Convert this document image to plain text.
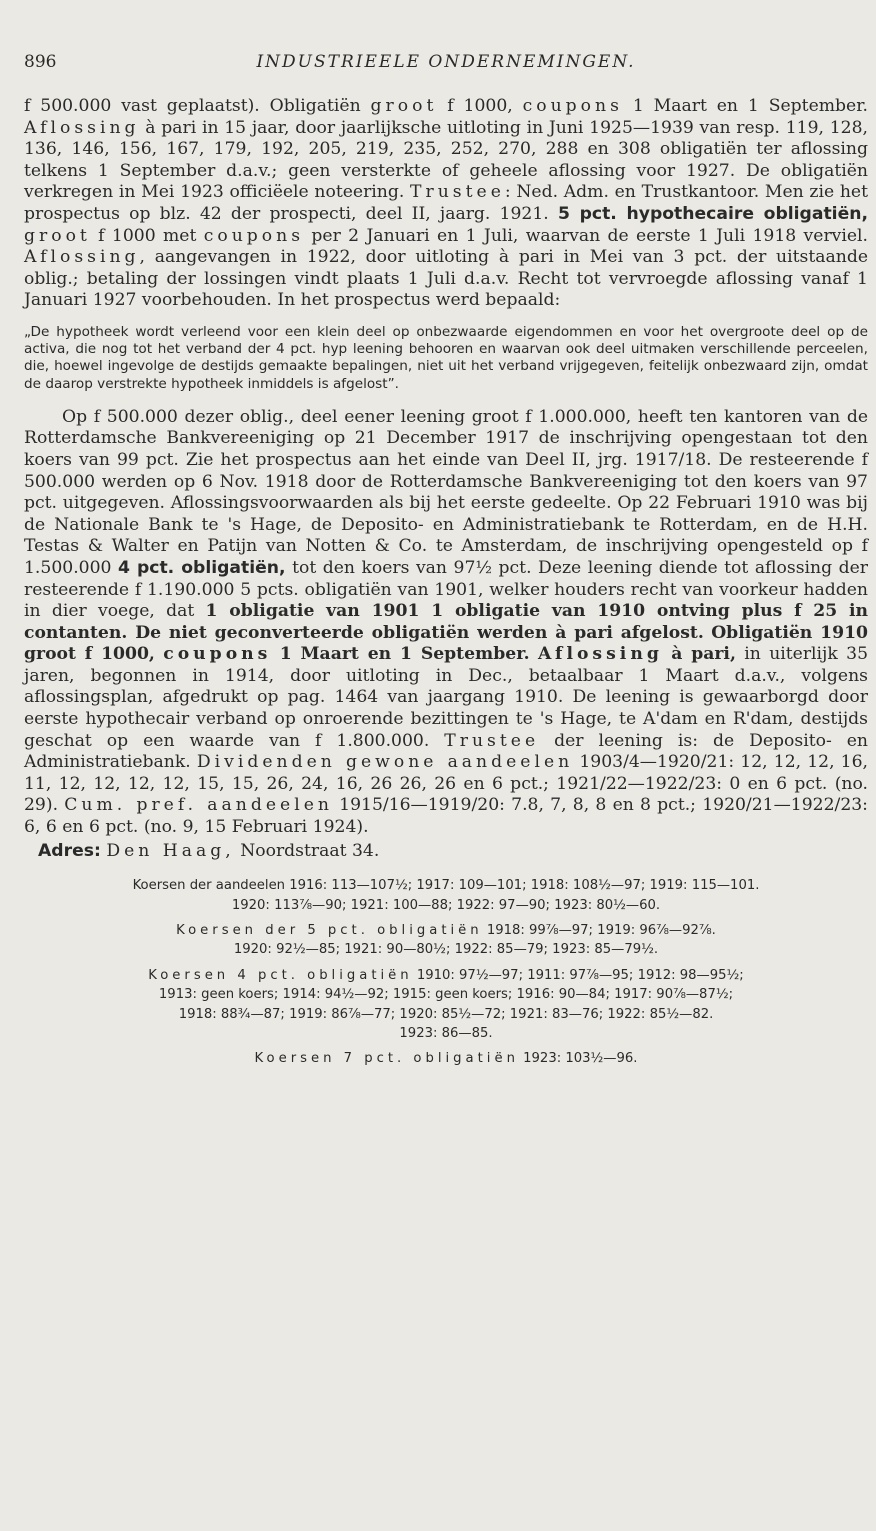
896	INDUSTRIEELE ONDERNEMINGEN.

f 500.000 vast geplaatst). Obligatiën groot f 1000, coupons 1 Maart en 1 September. Aflossing à pari in 15 jaar, door jaarlijksche uitloting in Juni 1925—1939 van resp. 119, 128, 136, 146, 156, 167, 179, 192, 205, 219, 235, 252, 270, 288 en 308 obligatiën ter aflossing telkens 1 September d.a.v.; geen versterkte of geheele aflossing voor 1927. De obligatiën verkregen in Mei 1923 officiëele noteering. Trustee: Ned. Adm. en Trustkantoor. Men zie het prospectus op blz. 42 der prospecti, deel II, jaarg. 1921. 5 pct. hypothecaire obligatiën, groot f 1000 met coupons per 2 Januari en 1 Juli, waarvan de eerste 1 Juli 1918 verviel. Aflossing, aangevangen in 1922, door uitloting à pari in Mei van 3 pct. der uitstaande oblig.; betaling der lossingen vindt plaats 1 Juli d.a.v. Recht tot vervroegde aflossing vanaf 1 Januari 1927 voorbehouden. In het prospectus werd bepaald:

„De hypotheek wordt verleend voor een klein deel op onbezwaarde eigendommen en voor het overgroote deel op de activa, die nog tot het verband der 4 pct. hyp leening behooren en waarvan ook deel uitmaken verschillende perceelen, die, hoewel ingevolge de destijds gemaakte bepalingen, niet uit het verband vrijgegeven, feitelijk onbezwaard zijn, omdat de daarop verstrekte hypotheek inmiddels is afgelost”.

Op f 500.000 dezer oblig., deel eener leening groot f 1.000.000, heeft ten kantoren van de Rotterdamsche Bankvereeniging op 21 December 1917 de inschrijving opengestaan tot den koers van 99 pct. Zie het prospectus aan het einde van Deel II, jrg. 1917/18. De resteerende f 500.000 werden op 6 Nov. 1918 door de Rotterdamsche Bankvereeniging tot den koers van 97 pct. uitgegeven. Aflossingsvoorwaarden als bij het eerste gedeelte. Op 22 Februari 1910 was bij de Nationale Bank te 's Hage, de Deposito- en Administratiebank te Rotterdam, en de H.H. Testas & Walter en Patijn van Notten & Co. te Amsterdam, de inschrijving opengesteld op f 1.500.000 4 pct. obligatiën, tot den koers van 97½ pct. Deze leening diende tot aflossing der resteerende f 1.190.000 5 pcts. obligatiën van 1901, welker houders recht van voorkeur hadden in dier voege, dat 1 obligatie van 1901 1 obligatie van 1910 ontving plus f 25 in contanten. De niet geconverteerde obligatiën werden à pari afgelost. Obligatiën 1910 groot f 1000, coupons 1 Maart en 1 September. Aflossing à pari, in uiterlijk 35 jaren, begonnen in 1914, door uitloting in Dec., betaalbaar 1 Maart d.a.v., volgens aflossingsplan, afgedrukt op pag. 1464 van jaargang 1910. De leening is gewaarborgd door eerste hypothecair verband op onroerende bezittingen te 's Hage, te A'dam en R'dam, destijds geschat op een waarde van f 1.800.000. Trustee der leening is: de Deposito- en Administratiebank. Dividenden gewone aandeelen 1903/4—1920/21: 12, 12, 12, 16, 11, 12, 12, 12, 12, 15, 15, 26, 24, 16, 26 26, 26 en 6 pct.; 1921/22—1922/23: 0 en 6 pct. (no. 29). Cum. pref. aandeelen 1915/16—1919/20: 7.8, 7, 8, 8 en 8 pct.; 1920/21—1922/23: 6, 6 en 6 pct. (no. 9, 15 Februari 1924).

Adres: Den Haag, Noordstraat 34.

Koersen der aandeelen 1916: 113—107½; 1917: 109—101; 1918: 108½—97; 1919: 115—101.
1920: 113⅞—90; 1921: 100—88; 1922: 97—90; 1923: 80½—60.
Koersen der 5 pct. obligatiën 1918: 99⅞—97; 1919: 96⅞—92⅞.
1920: 92½—85; 1921: 90—80½; 1922: 85—79; 1923: 85—79½.
Koersen 4 pct. obligatiën 1910: 97½—97; 1911: 97⅞—95; 1912: 98—95½;
1913: geen koers; 1914: 94½—92; 1915: geen koers; 1916: 90—84; 1917: 90⅞—87½;
1918: 88¾—87; 1919: 86⅞—77; 1920: 85½—72; 1921: 83—76; 1922: 85½—82.
1923: 86—85.
Koersen 7 pct. obligatiën 1923: 103½—96.
